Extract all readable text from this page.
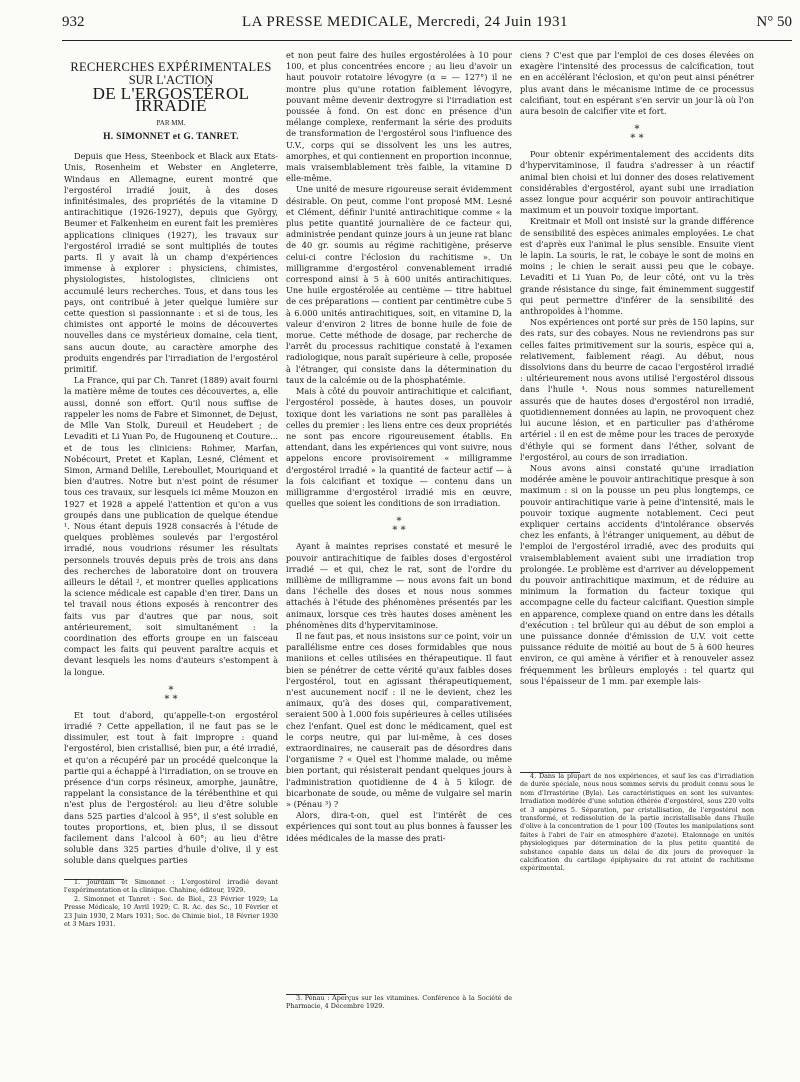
932	LA PRESSE MEDICALE, Mercredi, 24 Juin 1931	N° 50
RECHERCHES EXPÉRIMENTALES
SUR L'ACTION
DE L'ERGOSTÉROL IRRADIÉ
PAR MM.
H. SIMONNET et G. TANRET.

Depuis que Hess, Steenbock et Black aux Etats-Unis, Rosenheim et Webster en Angleterre, Windaus en Allemagne, eurent montré que l'ergostérol irradié jouit, à des doses infinitésimales, des propriétés de la vitamine D antirachitique (1926-1927), depuis que György, Beumer et Falkenheim en eurent fait les premières applications cliniques (1927), les travaux sur l'ergostérol irradié se sont multipliés de toutes parts. Il y avait là un champ d'expériences immense à explorer : physiciens, chimistes, physiologistes, histologistes, cliniciens ont accumulé leurs recherches. Tous, et dans tous les pays, ont contribué à jeter quelque lumière sur cette question si passionnante : et si de tous, les chimistes ont apporté le moins de découvertes nouvelles dans ce mystérieux domaine, cela tient, sans aucun doute, au caractère amorphe des produits engendrés par l'irradiation de l'ergostérol primitif.

La France, qui par Ch. Tanret (1889) avait fourni la matière même de toutes ces découvertes, a, elle aussi, donné son effort. Qu'il nous suffise de rappeler les noms de Fabre et Simonnet, de Dejust, de Mlle Van Stolk, Dureuil et Heudebert ; de Levaditi et Li Yuan Po, de Hugounenq et Couture... et de tous les cliniciens: Rohmer, Marfan, Nobécourt, Pretet et Kaplan, Lesné, Clément et Simon, Armand Delille, Lereboullet, Mouriquand et bien d'autres. Notre but n'est point de résumer tous ces travaux, sur lesquels ici même Mouzon en 1927 et 1928 a appelé l'attention et qu'on a vus groupés dans une publication de quelque étendue ¹. Nous étant depuis 1928 consacrés à l'étude de quelques problèmes soulevés par l'ergostérol irradié, nous voudrions résumer les résultats personnels trouvés depuis près de trois ans dans des recherches de laboratoire dont on trouvera ailleurs le détail ², et montrer quelles applications la science médicale est capable d'en tirer. Dans un tel travail nous étions exposés à rencontrer des faits vus par d'autres que par nous, soit antérieurement, soit simultanément : la coordination des efforts groupe en un faisceau compact les faits qui peuvent paraître acquis et devant lesquels les noms d'auteurs s'estompent à la longue.

*
* *

Et tout d'abord, qu'appelle-t-on ergostérol irradié ? Cette appellation, il ne faut pas se le dissimuler, est tout à fait impropre : quand l'ergostérol, bien cristallisé, bien pur, a été irradié, et qu'on a récupéré par un procédé quelconque la partie qui a échappé à l'irradiation, on se trouve en présence d'un corps résineux, amorphe, jaunâtre, rappelant la consistance de la térébenthine et qui n'est plus de l'ergostérol: au lieu d'être soluble dans 525 parties d'alcool à 95°, il s'est soluble en toutes proportions, et, bien plus, il se dissout facilement dans l'alcool à 60°; au lieu d'être soluble dans 325 parties d'huile d'olive, il y est soluble dans quelques parties

1. Jourdain et Simonnet : L'ergostérol irradié devant l'expérimentation et la clinique. Chahine, éditeur, 1929.

2. Simonnet et Tanret : Soc. de Biol., 23 Février 1929; La Presse Médicale, 10 Avril 1929; C. R. Ac. des Sc., 10 Février et 23 Juin 1930, 2 Mars 1931; Soc. de Chimie biol., 18 Février 1930 et 3 Mars 1931.

et non peut faire des huiles ergostérolées à 10 pour 100, et plus concentrées encore ; au lieu d'avoir un haut pouvoir rotatoire lévogyre (α = — 127°) il ne montre plus qu'une rotation faiblement lévogyre, pouvant même devenir dextrogyre si l'irradiation est poussée à fond. On est donc en présence d'un mélange complexe, renfermant la série des produits de transformation de l'ergostérol sous l'influence des U.V., corps qui se dissolvent les uns les autres, amorphes, et qui contiennent en proportion inconnue, mais vraisemblablement très faible, la vitamine D elle-même.

Une unité de mesure rigoureuse serait évidemment désirable. On peut, comme l'ont proposé MM. Lesné et Clément, définir l'unité antirachitique comme « la plus petite quantité journalière de ce facteur qui, administrée pendant quinze jours à un jeune rat blanc de 40 gr. soumis au régime rachitigène, préserve celui-ci contre l'éclosion du rachitisme ». Un milligramme d'ergostérol convenablement irradié correspond ainsi à 5 à 600 unités antirachitiques. Une huile ergostérolée au centième — titre habituel de ces préparations — contient par centimètre cube 5 à 6.000 unités antirachitiques, soit, en vitamine D, la valeur d'environ 2 litres de bonne huile de foie de morue. Cette méthode de dosage, par recherche de l'arrêt du processus rachitique constaté à l'examen radiologique, nous paraît supérieure à celle, proposée à l'étranger, qui consiste dans la détermination du taux de la calcémie ou de la phosphatémie.

Mais à côté du pouvoir antirachitique et calcifiant, l'ergostérol possède, à hautes doses, un pouvoir toxique dont les variations ne sont pas parallèles à celles du premier : les liens entre ces deux propriétés ne sont pas encore rigoureusement établis. En attendant, dans les expériences qui vont suivre, nous appelons encore provisoirement « milligramme d'ergostérol irradié » la quantité de facteur actif — à la fois calcifiant et toxique — contenu dans un milligramme d'ergostérol irradié mis en œuvre, quelles que soient les conditions de son irradiation.

*
* *

Ayant à maintes reprises constaté et mesuré le pouvoir antirachitique de faibles doses d'ergostérol irradié — et qui, chez le rat, sont de l'ordre du millième de milligramme — nous avons fait un bond dans l'échelle des doses et nous nous sommes attachés à l'étude des phénomènes présentés par les animaux, lorsque ces très hautes doses amènent les phénomènes dits d'hypervitaminose.

Il ne faut pas, et nous insistons sur ce point, voir un parallélisme entre ces doses formidables que nous maniions et celles utilisées en thérapeutique. Il faut bien se pénétrer de cette vérité qu'aux faibles doses l'ergostérol, tout en agissant thérapeutiquement, n'est aucunement nocif : il ne le devient, chez les animaux, qu'à des doses qui, comparativement, seraient 500 à 1.000 fois supérieures à celles utilisées chez l'enfant. Quel est donc le médicament, quel est le corps neutre, qui par lui-même, à ces doses extraordinaires, ne causerait pas de désordres dans l'organisme ? « Quel est l'homme malade, ou même bien portant, qui résisterait pendant quelques jours à l'administration quotidienne de 4 à 5 kilogr. de bicarbonate de soude, ou même de vulgaire sel marin » (Pénau ³) ?

Alors, dira-t-on, quel est l'intérêt de ces expériences qui sont tout au plus bonnes à fausser les idées médicales de la masse des prati-

3. Pénau : Aperçus sur les vitamines. Conférence à la Société de Pharmacie, 4 Décembre 1929.

ciens ? C'est que par l'emploi de ces doses élevées on exagère l'intensité des processus de calcification, tout en en accélérant l'éclosion, et qu'on peut ainsi pénétrer plus avant dans le mécanisme intime de ce processus calcifiant, tout en espérant s'en servir un jour là où l'on aura besoin de calcifier vite et fort.

*
* *

Pour obtenir expérimentalement des accidents dits d'hypervitaminose, il faudra s'adresser à un réactif animal bien choisi et lui donner des doses relativement considérables d'ergostérol, ayant subi une irradiation assez longue pour acquérir son pouvoir antirachitique maximum et un pouvoir toxique important.

Kreitmair et Moll ont insisté sur la grande différence de sensibilité des espèces animales employées. Le chat est d'après eux l'animal le plus sensible. Ensuite vient le lapin. La souris, le rat, le cobaye le sont de moins en moins ; le chien le serait aussi peu que le cobaye. Levaditi et Li Yuan Po, de leur côté, ont vu la très grande résistance du singe, fait éminemment suggestif qui peut permettre d'inférer de la sensibilité des anthropoïdes à l'homme.

Nos expériences ont porté sur près de 150 lapins, sur des rats, sur des cobayes. Nous ne reviendrons pas sur celles faites primitivement sur la souris, espèce qui a, relativement, faiblement réagi. Au début, nous dissolvions dans du beurre de cacao l'ergostérol irradié : ultérieurement nous avons utilisé l'ergostérol dissous dans l'huile ⁴. Nous nous sommes naturellement assurés que de hautes doses d'ergostérol non irradié, quotidiennement données au lapin, ne provoquent chez lui aucune lésion, et en particulier pas d'athérome artériel : il en est de même pour les traces de peroxyde d'éthyle qui se forment dans l'éther, solvant de l'ergostérol, au cours de son irradiation.

Nous avons ainsi constaté qu'une irradiation modérée amène le pouvoir antirachitique presque à son maximum : si on la pousse un peu plus longtemps, ce pouvoir antirachitique varie à peine d'intensité, mais le pouvoir toxique augmente notablement. Ceci peut expliquer certains accidents d'intolérance observés chez les enfants, à l'étranger uniquement, au début de l'emploi de l'ergostérol irradié, avec des produits qui vraisemblablement avaient subi une irradiation trop prolongée. Le problème est d'arriver au développement du pouvoir antirachitique maximum, et de réduire au minimum la formation du facteur toxique qui accompagne celle du facteur calcifiant. Question simple en apparence, complexe quand on entre dans les détails d'exécution : tel brûleur qui au début de son emploi a une puissance donnée d'émission de U.V. voit cette puissance réduite de moitié au bout de 5 à 600 heures environ, ce qui amène à vérifier et à renouveler assez fréquemment les brûleurs employés : tel quartz qui sous l'épaisseur de 1 mm. par exemple lais-

4. Dans la plupart de nos expériences, et sauf les cas d'irradiation de durée spéciale, nous nous sommes servis du produit connu sous le nom d'Irrastérine (Byla). Les caractéristiques en sont les suivantes: Irradiation modérée d'une solution éthérée d'ergostérol, sous 220 volts et 3 ampères 5. Séparation, par cristallisation, de l'ergostérol non transformé, et redissolution de la partie incristallisable dans l'huile d'olive à la concentration de 1 pour 100 (Toutes les manipulations sont faites à l'abri de l'air en atmosphère d'azote). Etalonnage en unités physiologiques par détermination de la plus petite quantité de substance capable dans un délai de dix jours de provoquer la calcification du cartilage épiphysaire du rat atteint de rachitisme expérimental.
